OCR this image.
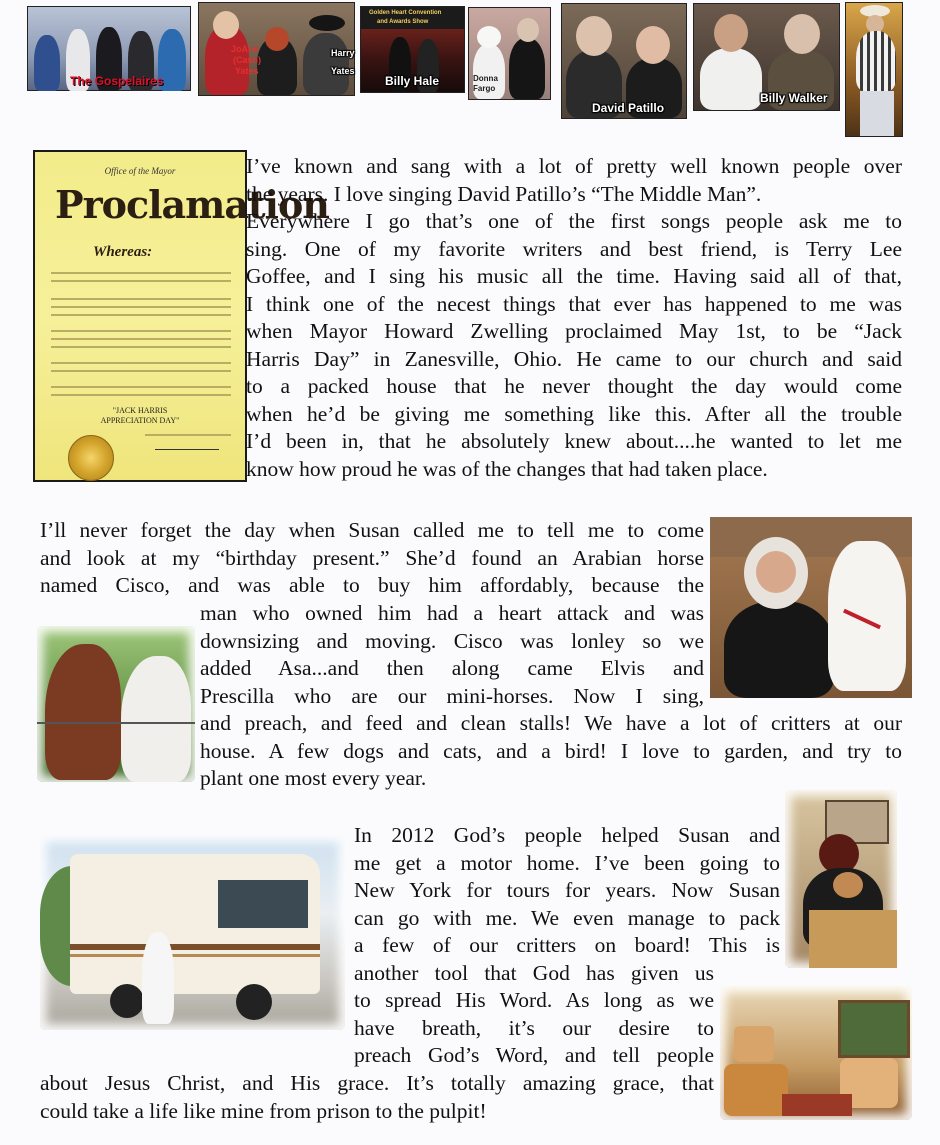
The Gospelaires
JoAnn
(Cash)
Yates
Harry
Yates
Golden Heart Convention
and Awards Show
Billy Hale	Donna
Fargo
David Patillo
Billy Walker
Office of the Mayor
Proclamation
Whereas:
"JACK HARRIS
APPRECIATION DAY"
I’ve known and sang with a lot of pretty well known people over
the years. I love singing David Patillo’s “The Middle Man”.
Everywhere I go that’s one of the first songs people ask me to
sing. One of my favorite writers and best friend, is Terry Lee
Goffee, and I sing his music all the time. Having said all of that,
I think one of the necest things that ever has happened to me was
when Mayor Howard Zwelling proclaimed May 1st, to be “Jack
Harris Day” in Zanesville, Ohio. He came to our church and said
to a packed house that he never thought the day would come
when he’d be giving me something like this. After all the trouble
I’d been in, that he absolutely knew about....he wanted to let me
know how proud he was of the changes that had taken place.
I’ll never forget the day when Susan called me to tell me to come
and look at my “birthday present.” She’d found an Arabian horse
named Cisco, and was able to buy him affordably, because the
man who owned him had a heart attack and was
downsizing and moving. Cisco was lonley so we
added Asa...and then along came Elvis and
Prescilla who are our mini-horses. Now I sing,
and preach, and feed and clean stalls! We have a lot of critters at our
house. A few dogs and cats, and a bird! I love to garden, and try to
plant one most every year.
In 2012 God’s people helped Susan and
me get a motor home. I’ve been going to
New York for tours for years. Now Susan
can go with me. We even manage to pack
a few of our critters on board! This is
another tool that God has given us
to spread His Word. As long as we
have breath, it’s our desire to
preach God’s Word, and tell people
about Jesus Christ, and His grace. It’s totally amazing grace, that
could take a life like mine from prison to the pulpit!
